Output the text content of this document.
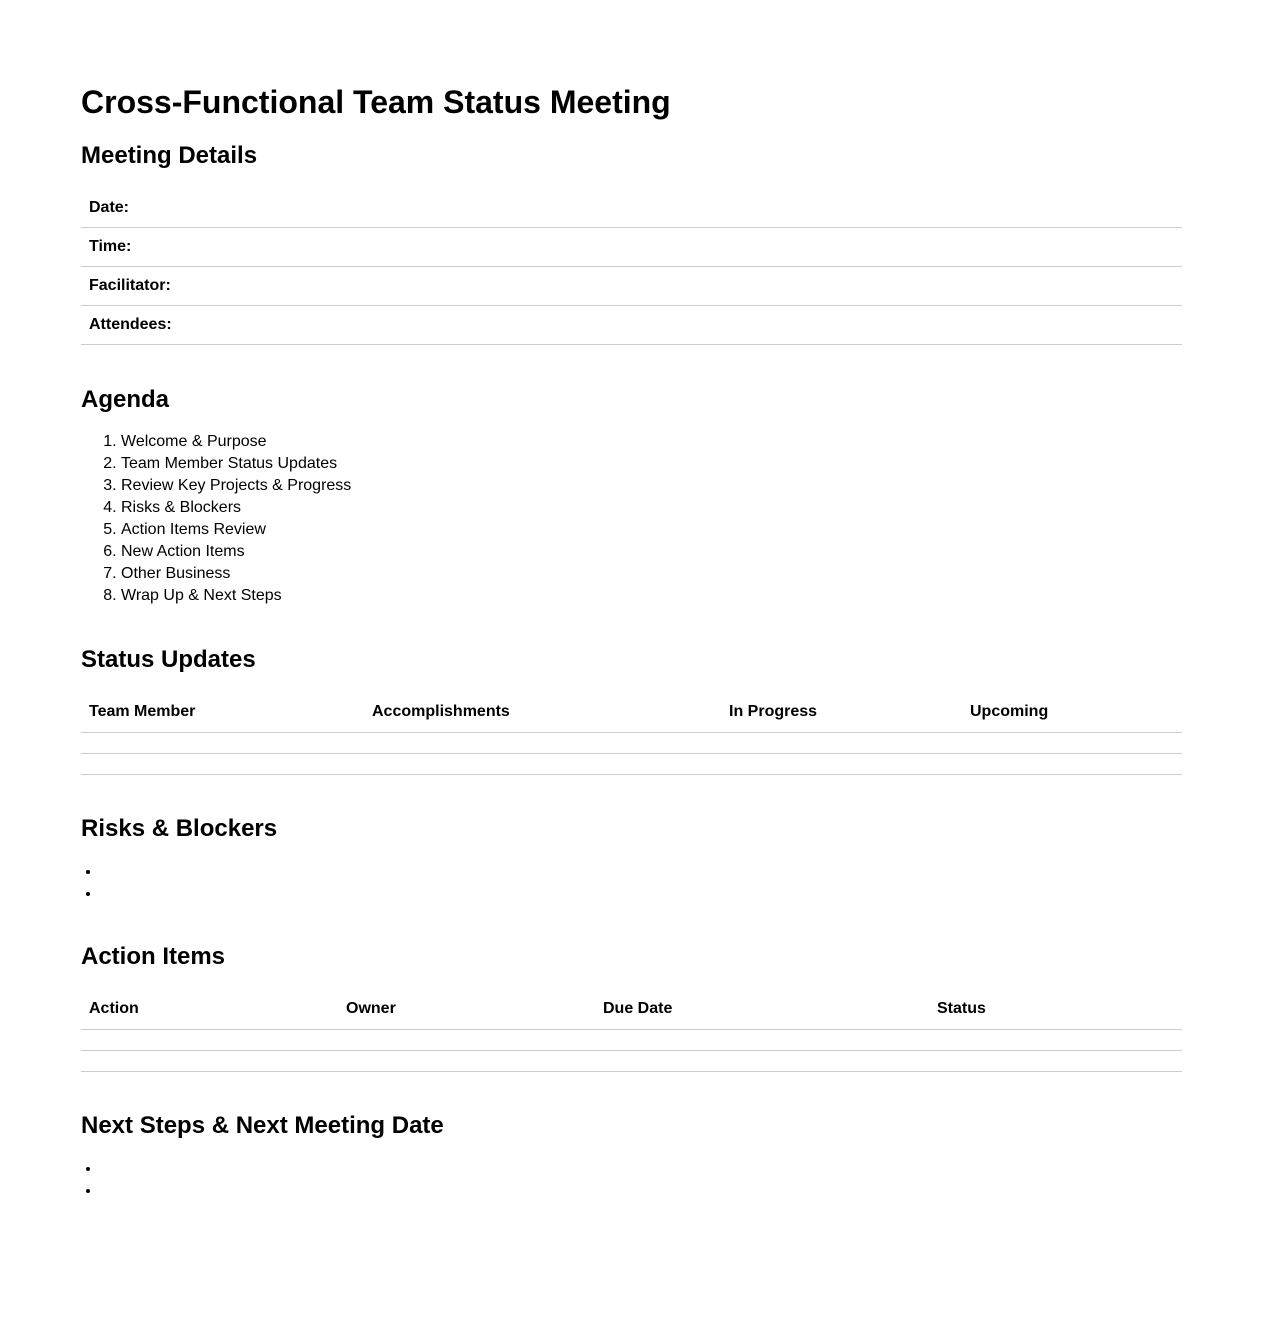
Cross-Functional Team Status Meeting
Meeting Details
Date:
Time:
Facilitator:
Attendees:
Agenda
1. Welcome & Purpose
2. Team Member Status Updates
3. Review Key Projects & Progress
4. Risks & Blockers
5. Action Items Review
6. New Action Items
7. Other Business
8. Wrap Up & Next Steps
Status Updates
Team Member	Accomplishments	In Progress	Upcoming

Risks & Blockers
Action Items
Action	Owner	Due Date	Status

Next Steps & Next Meeting Date
